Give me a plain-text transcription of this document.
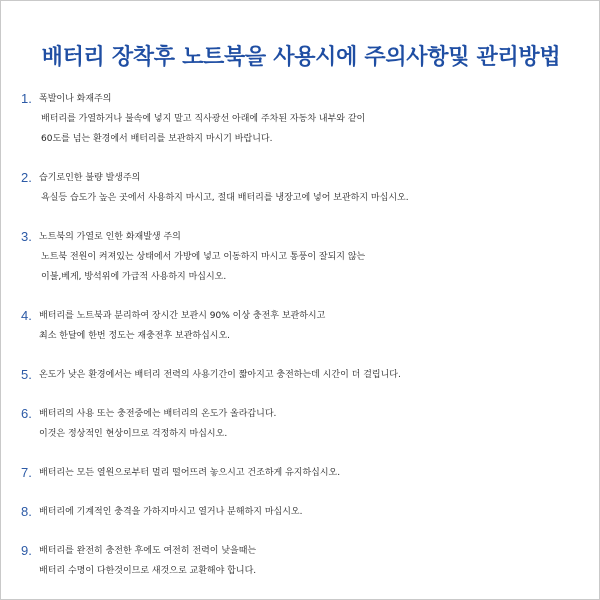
배터리 장착후 노트북을 사용시에 주의사항및 관리방법
1. 폭발이나 화재주의
배터리를 가열하거나 불속에 넣지 말고 직사광선 아래에 주차된 자동차 내부와 같이
60도를 넘는 환경에서 배터리를 보관하지 마시기 바랍니다.
2. 습기로인한 불량 발생주의
욕실등 습도가 높은 곳에서 사용하지 마시고, 절대 배터리를 냉장고에 넣어 보관하지 마십시오.
3. 노트북의 가열로 인한 화재발생 주의
노트북 전원이 켜져있는 상태에서 가방에 넣고 이동하지 마시고 통풍이 잘되지 않는
이불,베게, 방석위에 가급적 사용하지 마십시오.
4. 배터리를 노트북과 분리하여 장시간 보관시 90% 이상 충전후 보관하시고
최소 한달에 한번 정도는 재충전후 보관하십시오.
5. 온도가 낮은 환경에서는 배터리 전력의 사용기간이 짧아지고 충전하는데 시간이 더 걸립니다.
6. 배터리의 사용 또는 충전중에는 배터리의 온도가 올라갑니다.
이것은 정상적인 현상이므로 걱정하지 마십시오.
7. 배터리는 모든 열원으로부터 멀리 떨어뜨려 놓으시고 건조하게 유지하십시오.
8. 배터리에 기계적인 충격을 가하지마시고 열거나 분해하지 마십시오.
9. 배터리를 완전히 충전한 후에도 여전히 전력이 낮을때는
배터리 수명이 다한것이므로 새것으로 교환해야 합니다.
